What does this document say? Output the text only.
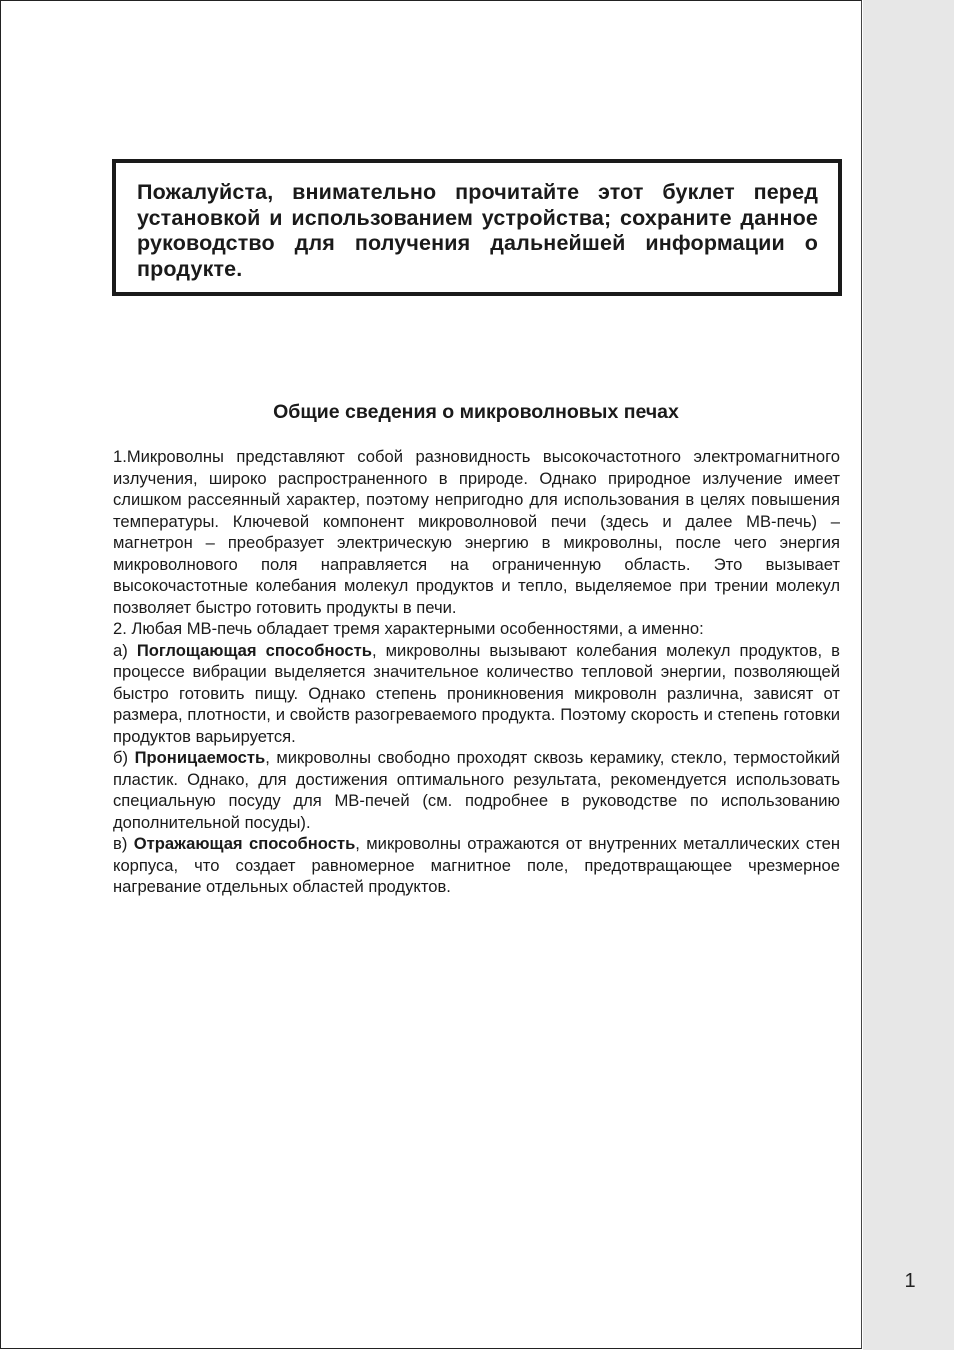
Пожалуйста, внимательно прочитайте этот буклет перед установкой и использованием устройства; сохраните данное руководство для получения дальнейшей информации о продукте.

Общие сведения о микроволновых печах

1.Микроволны представляют собой разновидность высокочастотного электромагнитного излучения, широко распространенного в природе. Однако природное излучение имеет слишком рассеянный характер, поэтому непригодно для использования в целях повышения температуры. Ключевой компонент микроволновой печи (здесь и далее МВ-печь) – магнетрон – преобразует электрическую энергию в микроволны, после чего энергия микроволнового поля направляется на ограниченную область. Это вызывает высокочастотные колебания молекул продуктов и тепло, выделяемое при трении молекул позволяет быстро готовить продукты в печи.

2. Любая МВ-печь обладает тремя характерными особенностями, а именно:

а) Поглощающая способность, микроволны вызывают колебания молекул продуктов, в процессе вибрации выделяется значительное количество тепловой энергии, позволяющей быстро готовить пищу. Однако степень проникновения микроволн различна, зависят от размера, плотности, и свойств разогреваемого продукта. Поэтому скорость и степень готовки продуктов варьируется.

б) Проницаемость, микроволны свободно проходят сквозь керамику, стекло, термостойкий пластик. Однако, для достижения оптимального результата, рекомендуется использовать специальную посуду для МВ-печей (см. подробнее в руководстве по использованию дополнительной посуды).

в) Отражающая способность, микроволны отражаются от внутренних металлических стен корпуса, что создает равномерное магнитное поле, предотвращающее чрезмерное нагревание отдельных областей продуктов.

1
